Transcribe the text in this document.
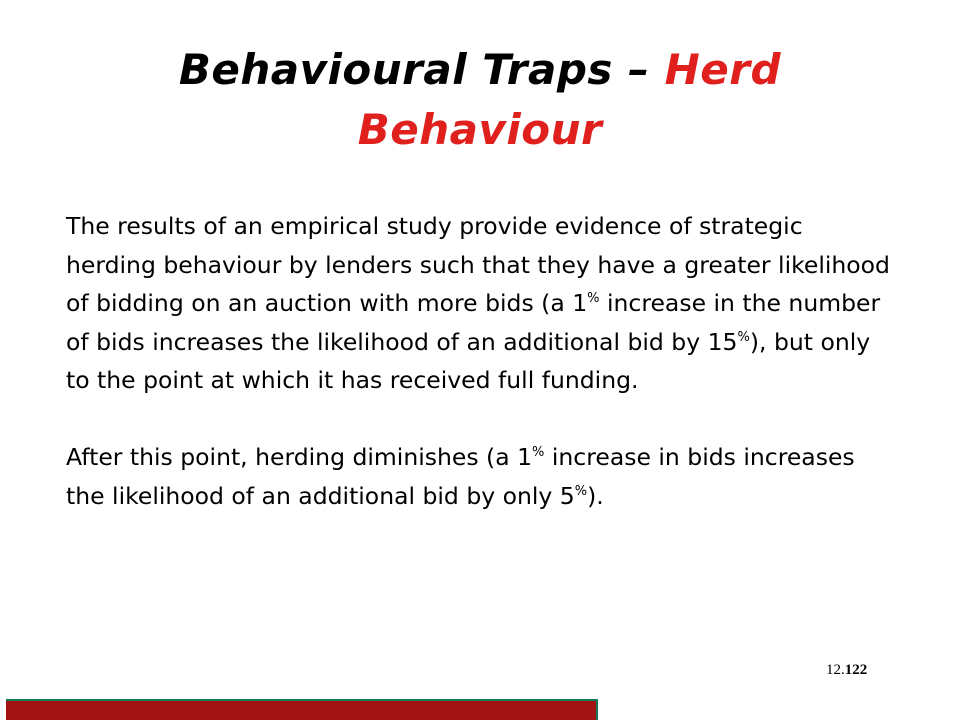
Behavioural Traps – Herd
Behaviour

The results of an empirical study provide evidence of strategic herding behaviour by lenders such that they have a greater likelihood of bidding on an auction with more bids (a 1% increase in the number of bids increases the likelihood of an additional bid by 15%), but only to the point at which it has received full funding.

After this point, herding diminishes (a 1% increase in bids increases the likelihood of an additional bid by only 5%).

12.122
